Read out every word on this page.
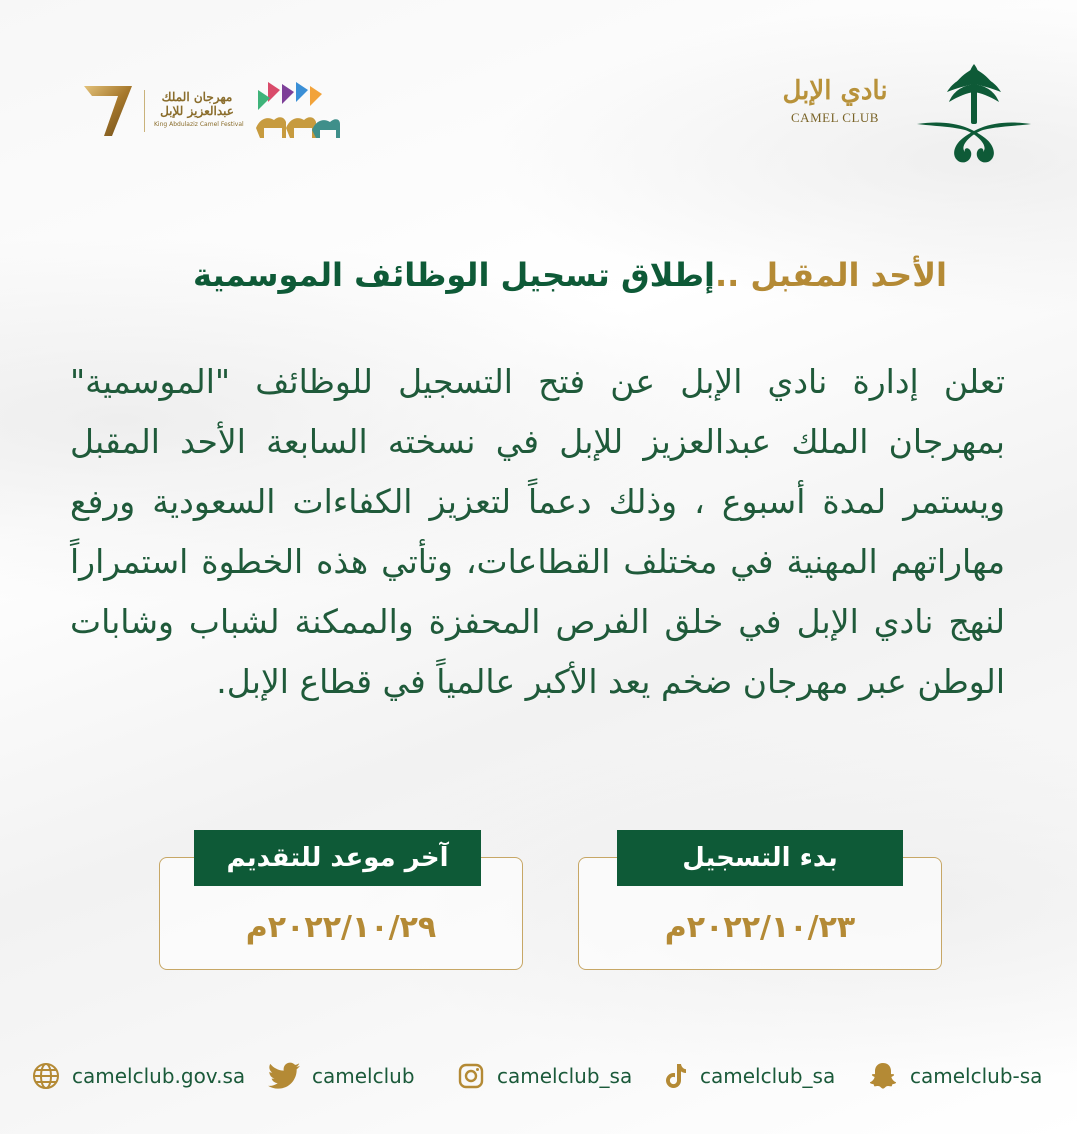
نادي الإبل
CAMEL CLUB
مهرجان الملك عبدالعزيز للإبل
King Abdulaziz Camel Festival
الأحد المقبل ..إطلاق تسجيل الوظائف الموسمية
تعلن إدارة نادي الإبل عن فتح التسجيل للوظائف "الموسمية" بمهرجان الملك عبدالعزيز للإبل في نسخته السابعة الأحد المقبل ويستمر لمدة أسبوع ، وذلك دعماً لتعزيز الكفاءات السعودية ورفع مهاراتهم المهنية في مختلف القطاعات، وتأتي هذه الخطوة استمراراً لنهج نادي الإبل في خلق الفرص المحفزة والممكنة لشباب وشابات الوطن عبر مهرجان ضخم يعد الأكبر عالمياً في قطاع الإبل.
بدء التسجيل
٢٠٢٢/١٠/٢٣م
آخر موعد للتقديم
٢٠٢٢/١٠/٢٩م
camelclub.gov.sa	camelclub	camelclub_sa	camelclub_sa	camelclub-sa
